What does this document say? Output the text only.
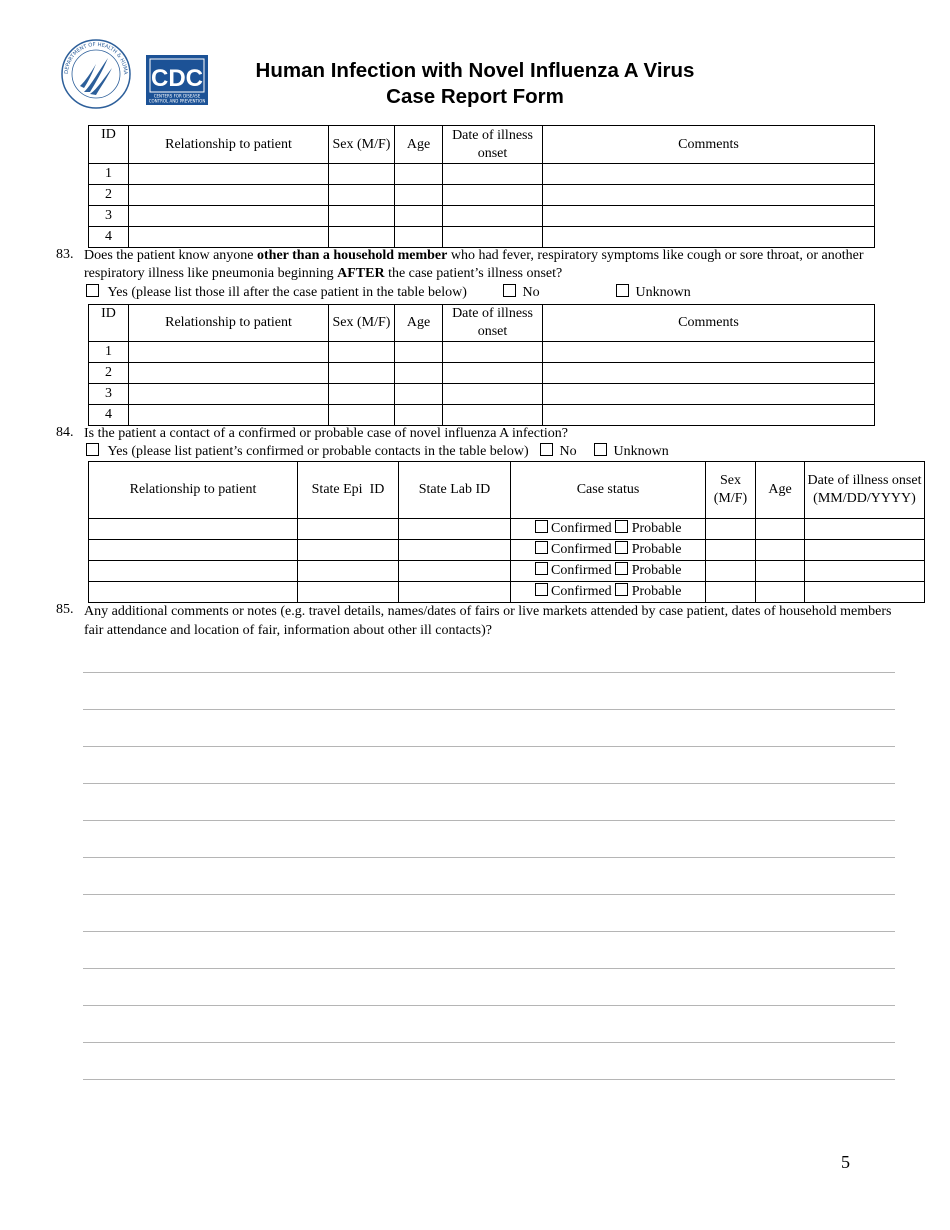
DEPARTMENT OF HEALTH & HUMA CDC
CENTERS FOR DISEASE
CONTROL AND PREVENTION
Human Infection with Novel Influenza A Virus
Case Report Form
ID	Relationship to patient	Sex (M/F)	Age	Date of illness onset	Comments
1					
2					
3					
4					
83. Does the patient know anyone other than a household member who had fever, respiratory symptoms like cough or sore throat, or another respiratory illness like pneumonia beginning AFTER the case patient’s illness onset?
Yes (please list those ill after the case patient in the table below)	No	Unknown
ID	Relationship to patient	Sex (M/F)	Age	Date of illness onset	Comments
1					
2					
3					
4					
84. Is the patient a contact of a confirmed or probable case of novel influenza A infection?
Yes (please list patient’s confirmed or probable contacts in the table below)	No	Unknown
Relationship to patient	State Epi  ID	State Lab ID	Case status	Sex (M/F)	Age	Date of illness onset (MM/DD/YYYY)
			Confirmed Probable			
			Confirmed Probable			
			Confirmed Probable			
			Confirmed Probable			
85. Any additional comments or notes (e.g. travel details, names/dates of fairs or live markets attended by case patient, dates of household members fair attendance and location of fair, information about other ill contacts)?
5
